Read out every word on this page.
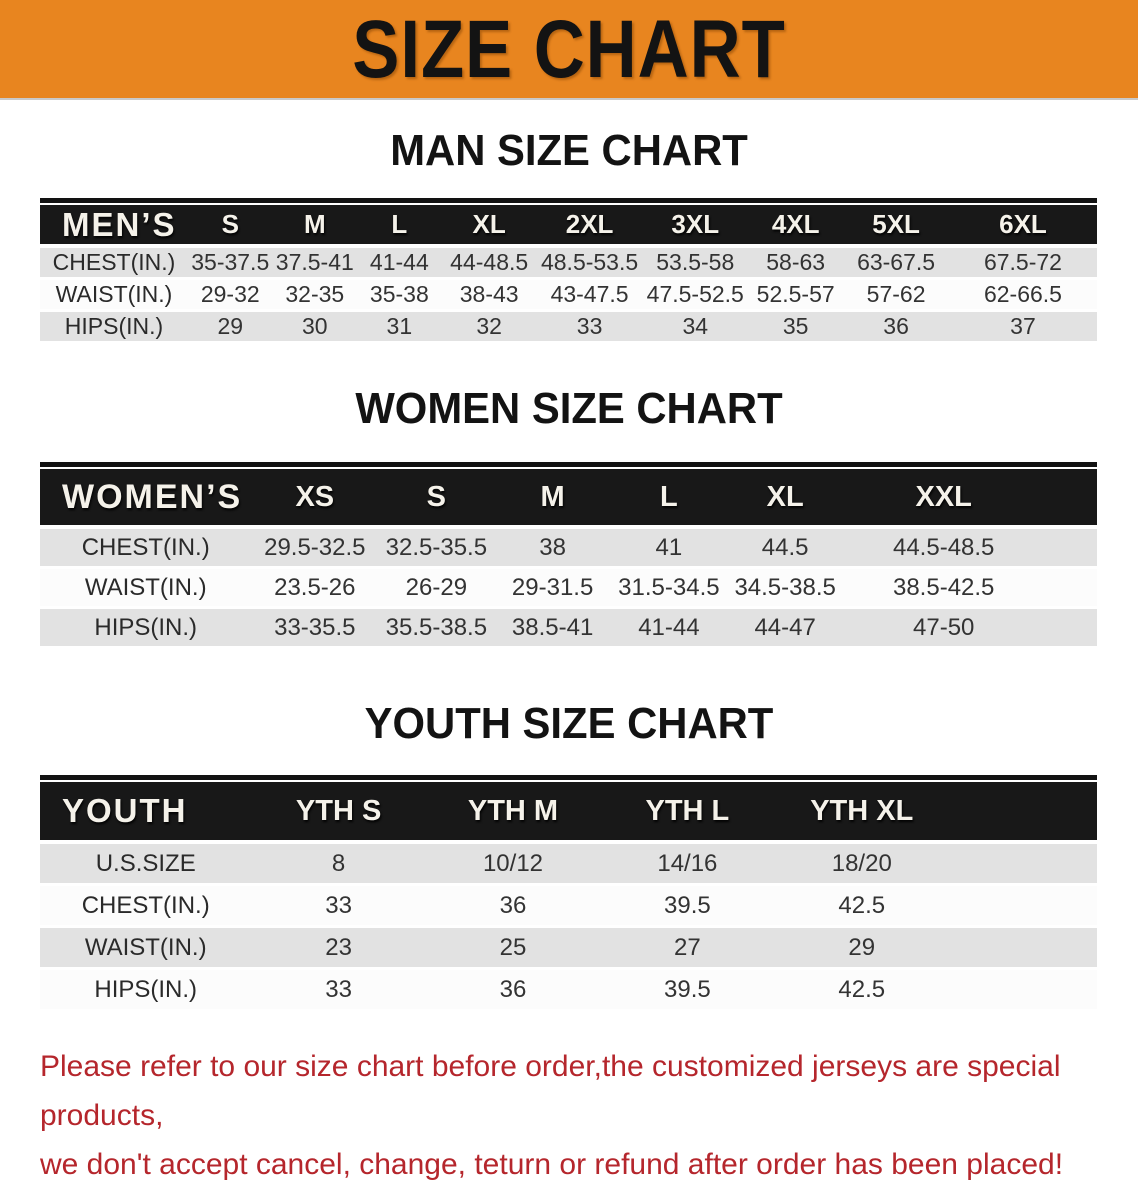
SIZE CHART
MAN SIZE CHART
MEN’S	S	M	L	XL	2XL	3XL	4XL	5XL	6XL
CHEST(IN.)	35-37.5	37.5-41	41-44	44-48.5	48.5-53.5	53.5-58	58-63	63-67.5	67.5-72
WAIST(IN.)	29-32	32-35	35-38	38-43	43-47.5	47.5-52.5	52.5-57	57-62	62-66.5
HIPS(IN.)	29	30	31	32	33	34	35	36	37
WOMEN SIZE CHART
WOMEN’S	XS	S	M	L	XL	XXL	
CHEST(IN.)	29.5-32.5	32.5-35.5	38	41	44.5	44.5-48.5	
WAIST(IN.)	23.5-26	26-29	29-31.5	31.5-34.5	34.5-38.5	38.5-42.5	
HIPS(IN.)	33-35.5	35.5-38.5	38.5-41	41-44	44-47	47-50	
YOUTH SIZE CHART
YOUTH	YTH S	YTH M	YTH L	YTH XL	
U.S.SIZE	8	10/12	14/16	18/20	
CHEST(IN.)	33	36	39.5	42.5	
WAIST(IN.)	23	25	27	29	
HIPS(IN.)	33	36	39.5	42.5	
Please refer to our size chart before order,the customized jerseys are special products,
we don't accept cancel, change, teturn or refund after order has been placed!
